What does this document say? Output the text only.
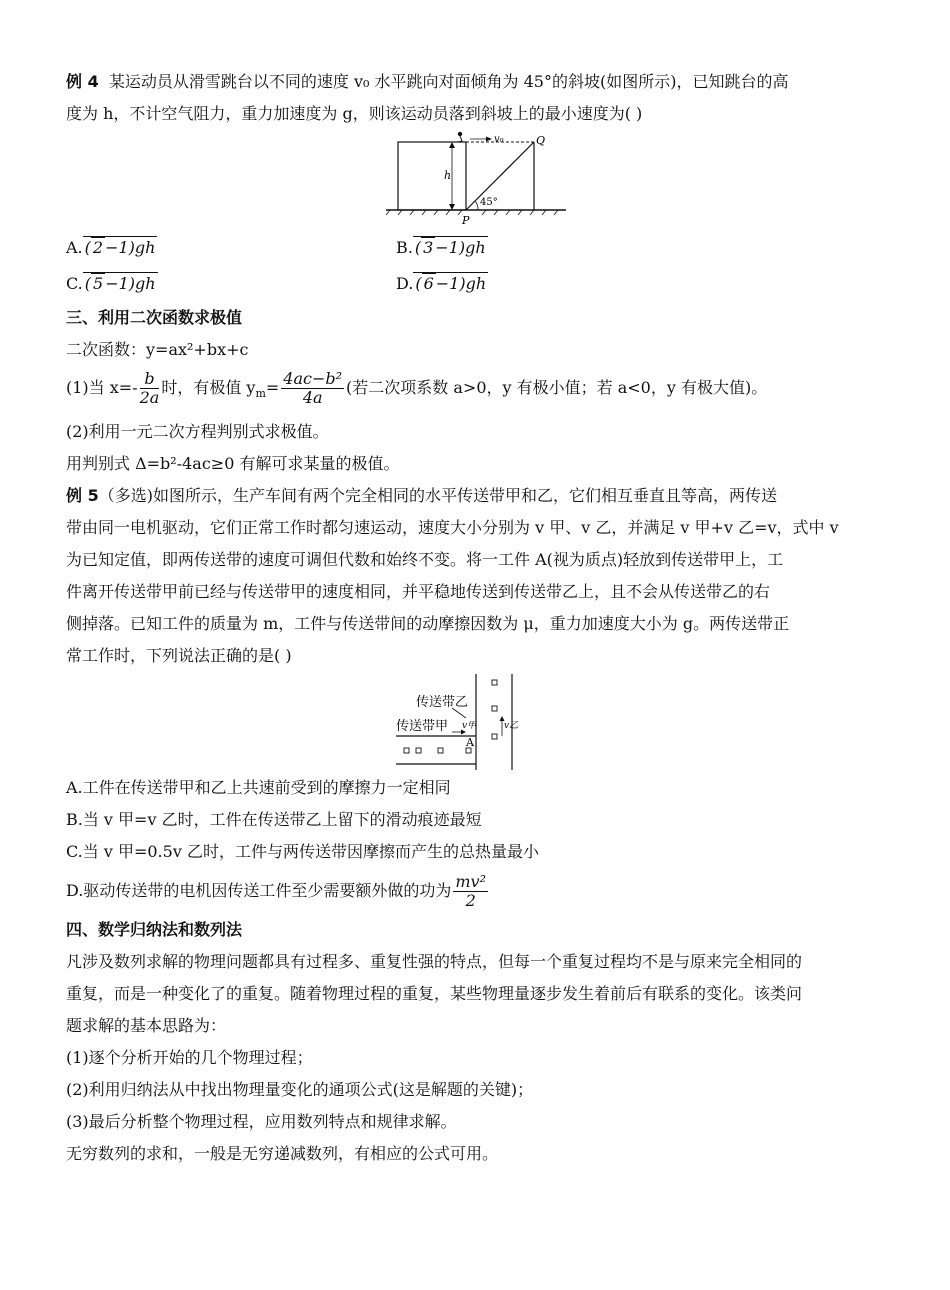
例 4 某运动员从滑雪跳台以不同的速度 v₀ 水平跳向对面倾角为 45°的斜坡(如图所示)，已知跳台的高

度为 h，不计空气阻力，重力加速度为 g，则该运动员落到斜坡上的最小速度为( )

v₀
h
Q
P
45°
A. ( 2 −1)gh	B. ( 3 −1)gh
C. ( 5 −1)gh	D. ( 6 −1)gh

三、利用二次函数求极值

二次函数：y=ax²+bx+c

(1)当 $x=- \frac{b}{2a}$ 时，有极值 $y_m= \frac{\text{4ac−b²}}{4a}$ (若二次项系数 a>0，y 有极小值；若 a<0，y 有极大值)。

(2)利用一元二次方程判别式求极值。

用判别式 Δ=b²-4ac≥0 有解可求某量的极值。

例 5（多选)如图所示，生产车间有两个完全相同的水平传送带甲和乙，它们相互垂直且等高，两传送

带由同一电机驱动，它们正常工作时都匀速运动，速度大小分别为 v 甲、v 乙，并满足 v 甲+v 乙=v，式中 v

为已知定值，即两传送带的速度可调但代数和始终不变。将一工件 A(视为质点)轻放到传送带甲上，工

件离开传送带甲前已经与传送带甲的速度相同，并平稳地传送到传送带乙上，且不会从传送带乙的右

侧掉落。已知工件的质量为 m，工件与传送带间的动摩擦因数为 μ，重力加速度大小为 g。两传送带正

常工作时，下列说法正确的是( )

传送带乙
传送带甲 v甲
A
v乙

A.工件在传送带甲和乙上共速前受到的摩擦力一定相同

B.当 v 甲=v 乙时，工件在传送带乙上留下的滑动痕迹最短

C.当 v 甲=0.5v 乙时，工件与两传送带因摩擦而产生的总热量最小

D.驱动传送带的电机因传送工件至少需要额外做的功为 $\frac{\text{mv²}}{2}$

四、数学归纳法和数列法

凡涉及数列求解的物理问题都具有过程多、重复性强的特点，但每一个重复过程均不是与原来完全相同的

重复，而是一种变化了的重复。随着物理过程的重复，某些物理量逐步发生着前后有联系的变化。该类问

题求解的基本思路为：

(1)逐个分析开始的几个物理过程；

(2)利用归纳法从中找出物理量变化的通项公式(这是解题的关键)；

(3)最后分析整个物理过程，应用数列特点和规律求解。

无穷数列的求和，一般是无穷递减数列，有相应的公式可用。
